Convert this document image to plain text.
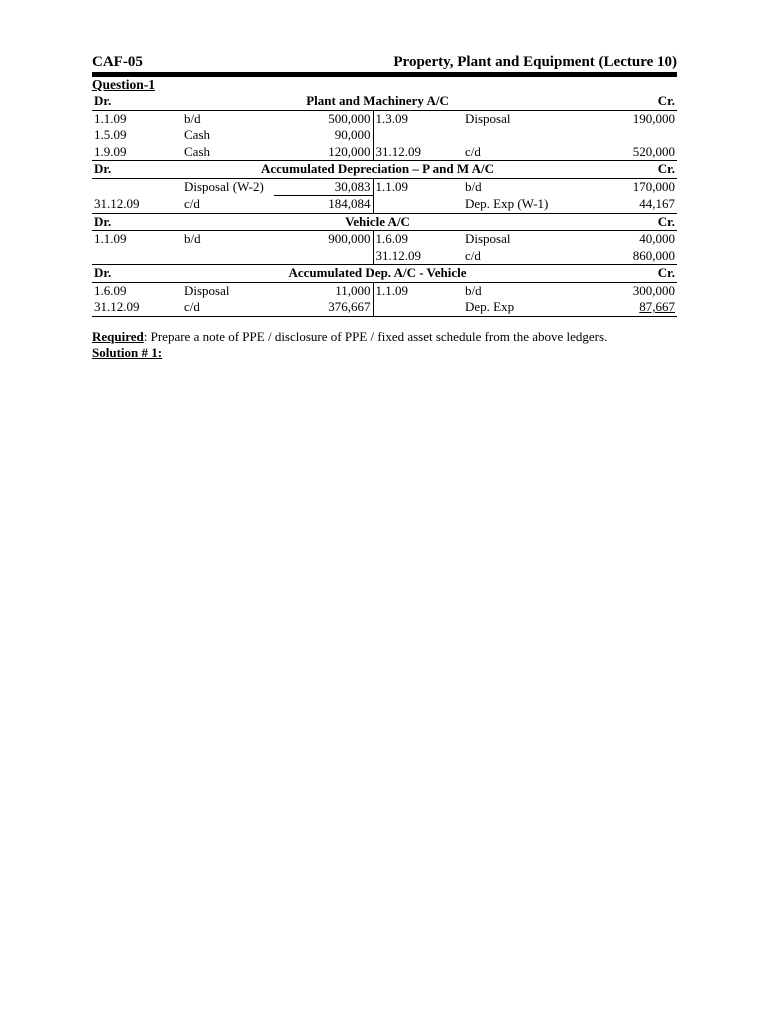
CAF-05	Property, Plant and Equipment (Lecture 10)
Question-1
Dr.	Plant and Machinery A/C				Cr.
1.1.09	b/d	500,000	1.3.09	Disposal	190,000
1.5.09	Cash	90,000			
1.9.09	Cash	120,000	31.12.09	c/d	520,000
Dr.	Accumulated Depreciation – P and M A/C				Cr.
	Disposal (W-2)	30,083	1.1.09	b/d	170,000
31.12.09	c/d	184,084		Dep. Exp (W-1)	44,167
Dr.	Vehicle A/C				Cr.
1.1.09	b/d	900,000	1.6.09	Disposal	40,000
			31.12.09	c/d	860,000
Dr.	Accumulated Dep. A/C - Vehicle				Cr.
1.6.09	Disposal	11,000	1.1.09	b/d	300,000
31.12.09	c/d	376,667		Dep. Exp	87,667
Required: Prepare a note of PPE / disclosure of PPE / fixed asset schedule from the above ledgers.
Solution # 1:
